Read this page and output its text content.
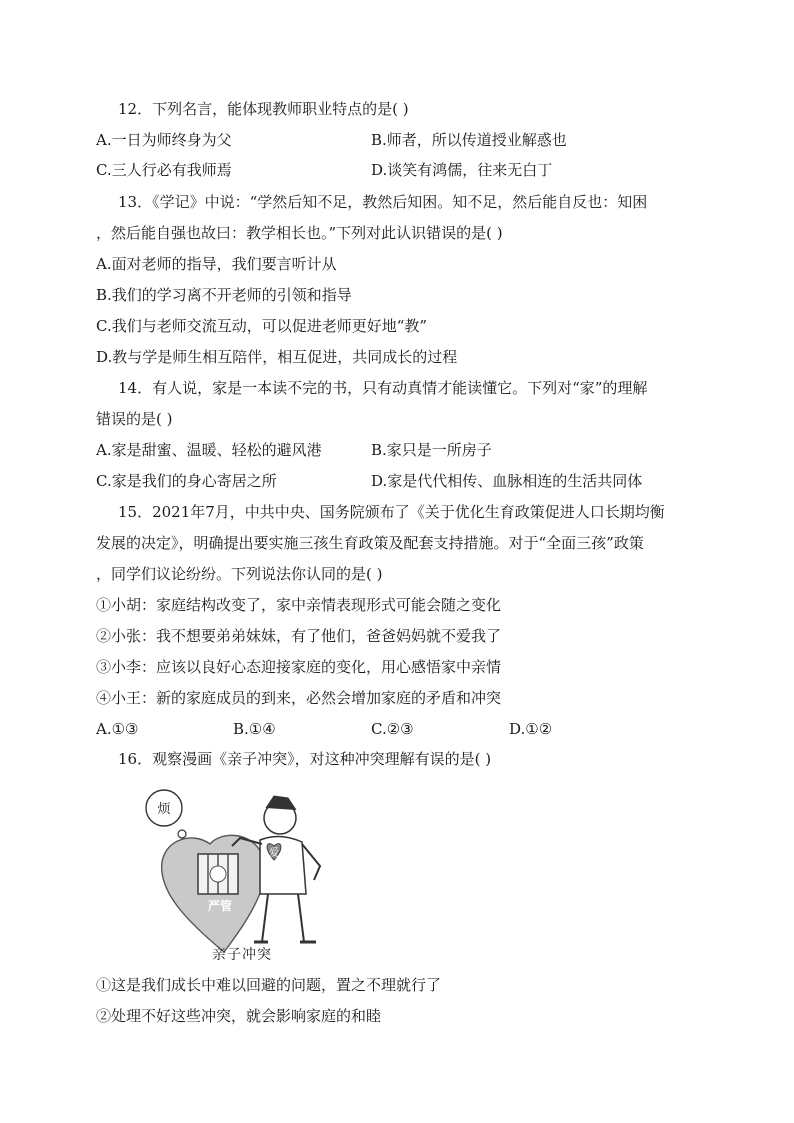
12．下列名言，能体现教师职业特点的是( )
A.一日为师终身为父	B.师者，所以传道授业解惑也
C.三人行必有我师焉	D.谈笑有鸿儒，往来无白丁
13．《学记》中说：“学然后知不足，教然后知困。知不足，然后能自反也：知困
，然后能自强也故曰：教学相长也。”下列对此认识错误的是( )
A.面对老师的指导，我们要言听计从
B.我们的学习离不开老师的引领和指导
C.我们与老师交流互动，可以促进老师更好地“教”
D.教与学是师生相互陪伴，相互促进，共同成长的过程
14．有人说，家是一本读不完的书，只有动真情才能读懂它。下列对“家”的理解
错误的是( )
A.家是甜蜜、温暖、轻松的避风港	B.家只是一所房子
C.家是我们的身心寄居之所	D.家是代代相传、血脉相连的生活共同体
15．2021年7月，中共中央、国务院颁布了《关于优化生育政策促进人口长期均衡
发展的决定》，明确提出要实施三孩生育政策及配套支持措施。对于“全面三孩”政策
，同学们议论纷纷。下列说法你认同的是( )
①小胡：家庭结构改变了，家中亲情表现形式可能会随之变化
②小张：我不想要弟弟妹妹，有了他们，爸爸妈妈就不爱我了
③小李：应该以良好心态迎接家庭的变化，用心感悟家中亲情
④小王：新的家庭成员的到来，必然会增加家庭的矛盾和冲突
A.①③	B.①④	C.②③	D.①②
16．观察漫画《亲子冲突》，对这种冲突理解有误的是( )
烦
严管
爱
亲子冲突
①这是我们成长中难以回避的问题，置之不理就行了
②处理不好这些冲突，就会影响家庭的和睦
